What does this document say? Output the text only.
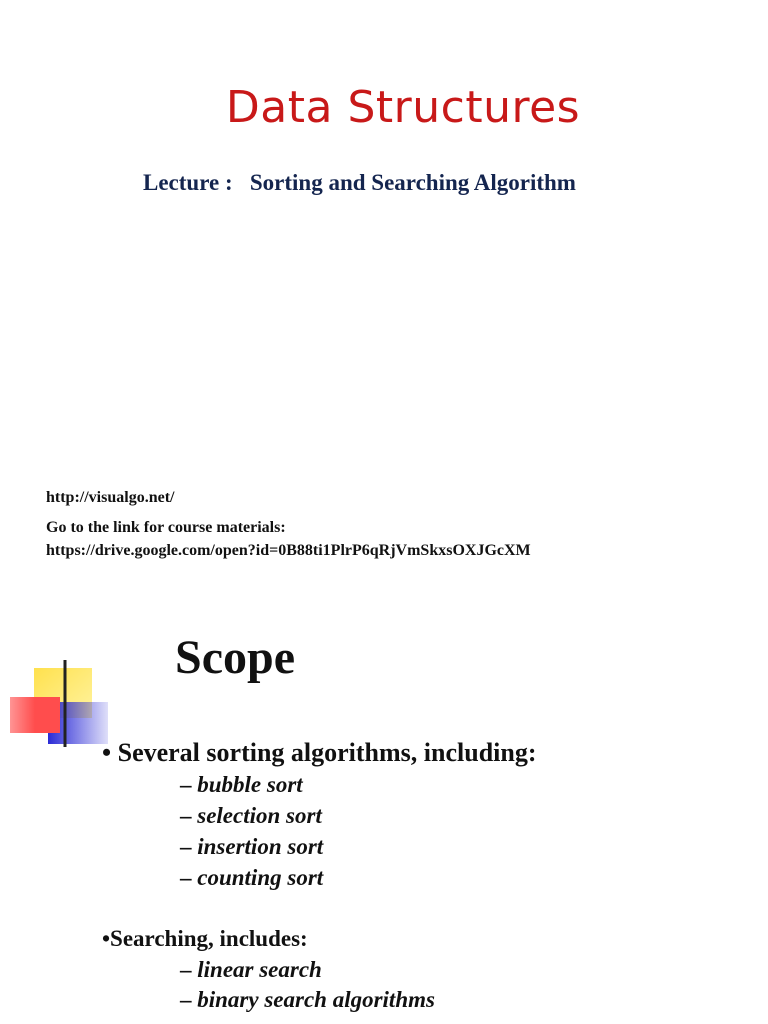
Data Structures
Lecture :   Sorting and Searching Algorithm
http://visualgo.net/
Go to the link for course materials:
https://drive.google.com/open?id=0B88ti1PlrP6qRjVmSkxsOXJGcXM
Scope
• Several sorting algorithms, including:
– bubble sort
– selection sort
– insertion sort
– counting sort
•Searching, includes:
– linear search
– binary search algorithms
